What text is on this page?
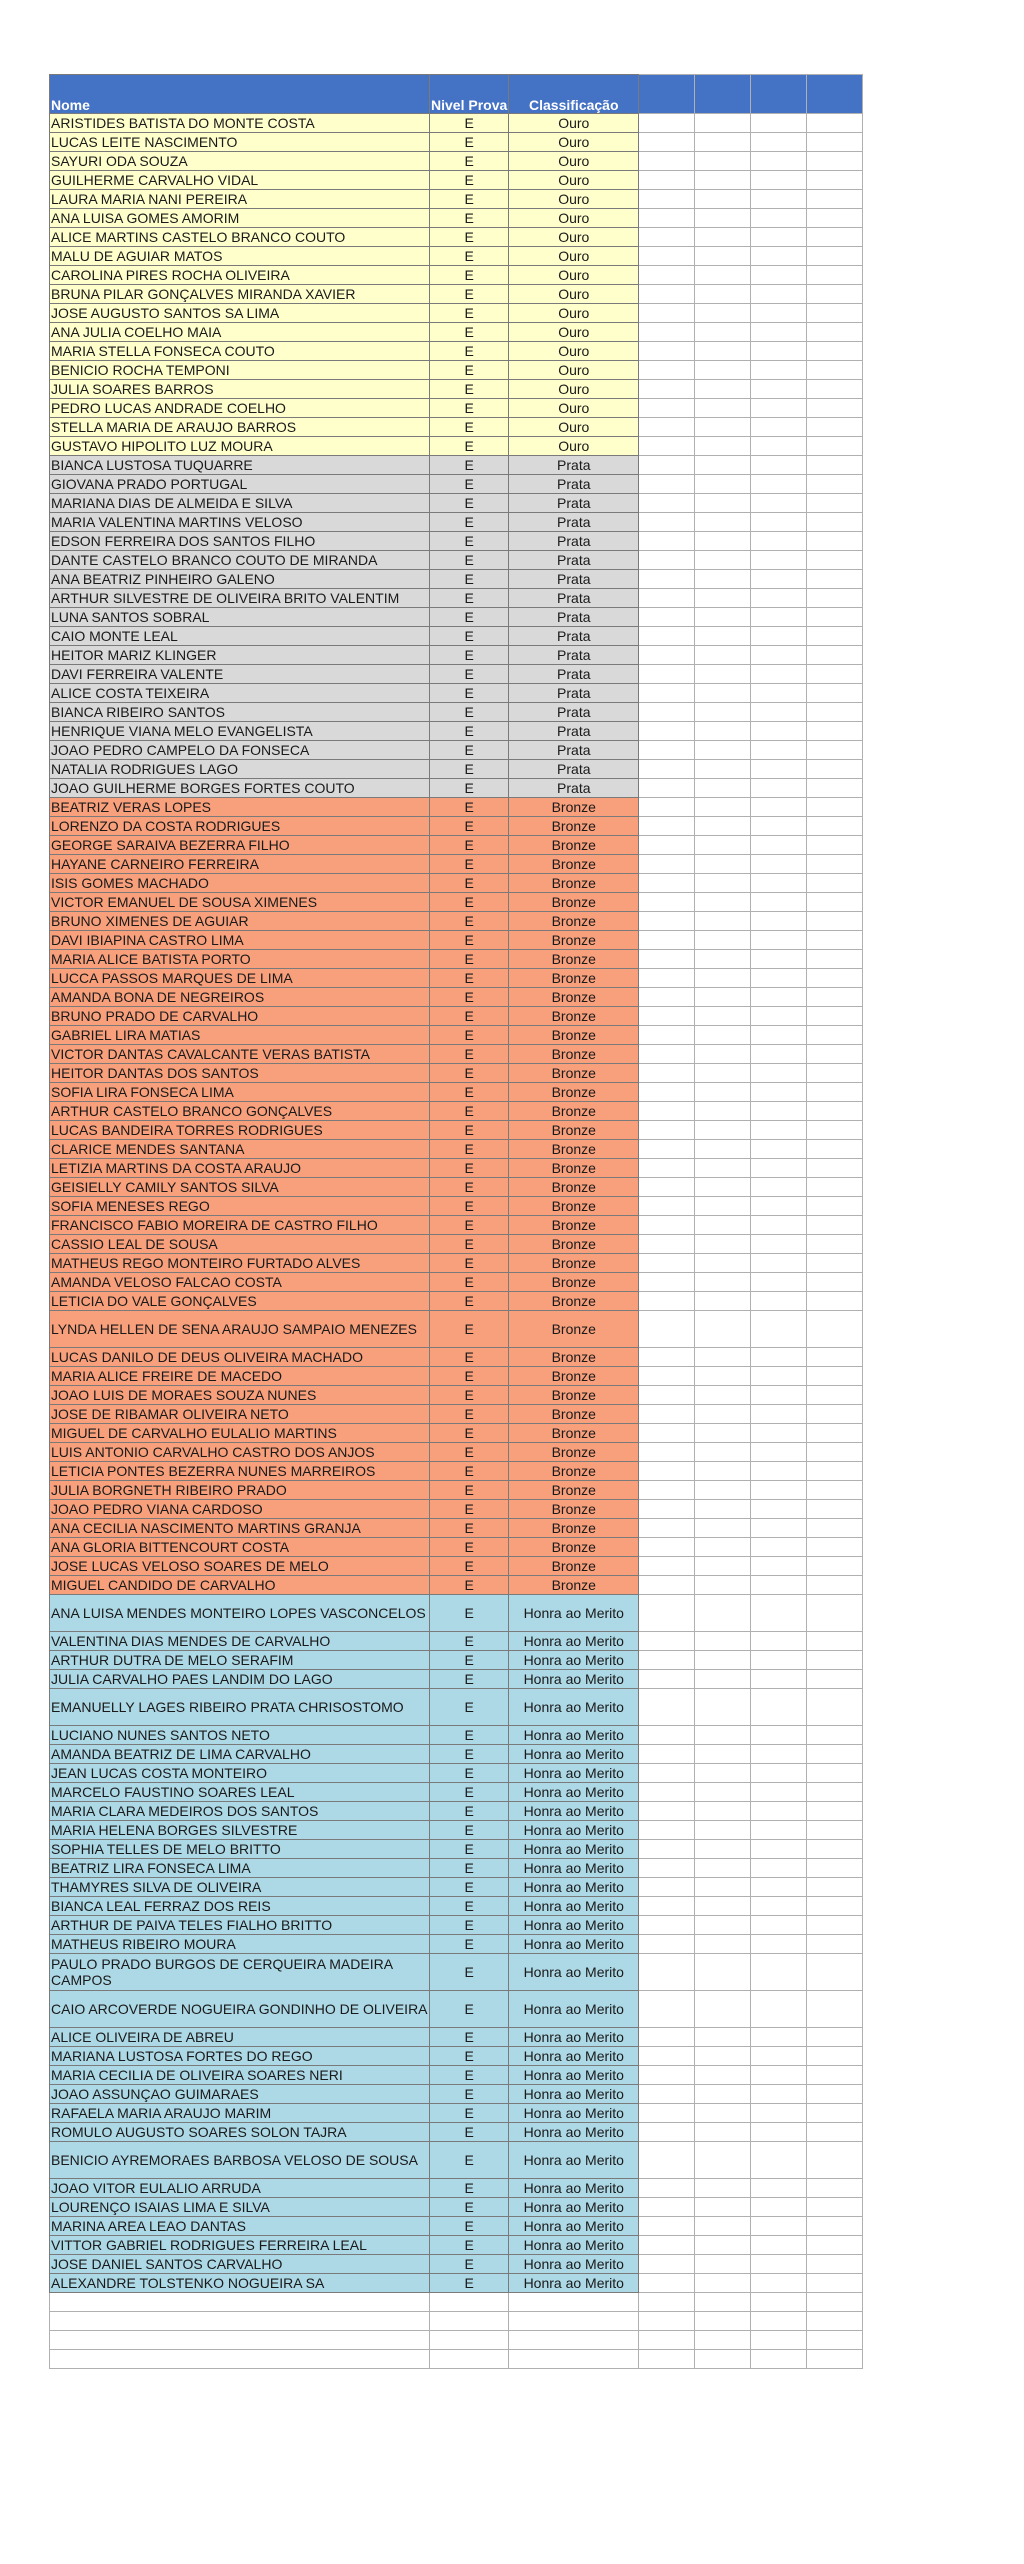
Nome	Nivel Prova	Classificação				
ARISTIDES BATISTA DO MONTE COSTA	E	Ouro				
LUCAS LEITE NASCIMENTO	E	Ouro				
SAYURI ODA SOUZA	E	Ouro				
GUILHERME CARVALHO VIDAL	E	Ouro				
LAURA MARIA NANI PEREIRA	E	Ouro				
ANA LUISA GOMES AMORIM	E	Ouro				
ALICE MARTINS CASTELO BRANCO COUTO	E	Ouro				
MALU DE AGUIAR MATOS	E	Ouro				
CAROLINA PIRES ROCHA OLIVEIRA	E	Ouro				
BRUNA PILAR GONÇALVES MIRANDA XAVIER	E	Ouro				
JOSE AUGUSTO SANTOS SA LIMA	E	Ouro				
ANA JULIA COELHO MAIA	E	Ouro				
MARIA STELLA FONSECA COUTO	E	Ouro				
BENICIO ROCHA TEMPONI	E	Ouro				
JULIA SOARES BARROS	E	Ouro				
PEDRO LUCAS ANDRADE COELHO	E	Ouro				
STELLA MARIA DE ARAUJO BARROS	E	Ouro				
GUSTAVO HIPOLITO LUZ MOURA	E	Ouro				
BIANCA LUSTOSA TUQUARRE	E	Prata				
GIOVANA PRADO PORTUGAL	E	Prata				
MARIANA DIAS DE ALMEIDA E SILVA	E	Prata				
MARIA VALENTINA MARTINS VELOSO	E	Prata				
EDSON FERREIRA DOS SANTOS FILHO	E	Prata				
DANTE CASTELO BRANCO COUTO DE MIRANDA	E	Prata				
ANA BEATRIZ PINHEIRO GALENO	E	Prata				
ARTHUR SILVESTRE DE OLIVEIRA BRITO VALENTIM	E	Prata				
LUNA SANTOS SOBRAL	E	Prata				
CAIO MONTE LEAL	E	Prata				
HEITOR MARIZ KLINGER	E	Prata				
DAVI FERREIRA VALENTE	E	Prata				
ALICE COSTA TEIXEIRA	E	Prata				
BIANCA RIBEIRO SANTOS	E	Prata				
HENRIQUE VIANA MELO EVANGELISTA	E	Prata				
JOAO PEDRO CAMPELO DA FONSECA	E	Prata				
NATALIA RODRIGUES LAGO	E	Prata				
JOAO GUILHERME BORGES FORTES COUTO	E	Prata				
BEATRIZ VERAS LOPES	E	Bronze				
LORENZO DA COSTA RODRIGUES	E	Bronze				
GEORGE SARAIVA BEZERRA FILHO	E	Bronze				
HAYANE CARNEIRO FERREIRA	E	Bronze				
ISIS GOMES MACHADO	E	Bronze				
VICTOR EMANUEL DE SOUSA XIMENES	E	Bronze				
BRUNO XIMENES DE AGUIAR	E	Bronze				
DAVI IBIAPINA CASTRO LIMA	E	Bronze				
MARIA ALICE BATISTA PORTO	E	Bronze				
LUCCA PASSOS MARQUES DE LIMA	E	Bronze				
AMANDA BONA DE NEGREIROS	E	Bronze				
BRUNO PRADO DE CARVALHO	E	Bronze				
GABRIEL LIRA MATIAS	E	Bronze				
VICTOR DANTAS CAVALCANTE VERAS BATISTA	E	Bronze				
HEITOR DANTAS DOS SANTOS	E	Bronze				
SOFIA LIRA FONSECA LIMA	E	Bronze				
ARTHUR CASTELO BRANCO GONÇALVES	E	Bronze				
LUCAS BANDEIRA TORRES RODRIGUES	E	Bronze				
CLARICE MENDES SANTANA	E	Bronze				
LETIZIA MARTINS DA COSTA ARAUJO	E	Bronze				
GEISIELLY CAMILY SANTOS SILVA	E	Bronze				
SOFIA MENESES REGO	E	Bronze				
FRANCISCO FABIO MOREIRA DE CASTRO FILHO	E	Bronze				
CASSIO LEAL DE SOUSA	E	Bronze				
MATHEUS REGO MONTEIRO FURTADO ALVES	E	Bronze				
AMANDA VELOSO FALCAO COSTA	E	Bronze				
LETICIA DO VALE GONÇALVES	E	Bronze				
LYNDA HELLEN DE SENA ARAUJO SAMPAIO MENEZES	E	Bronze				
LUCAS DANILO DE DEUS OLIVEIRA MACHADO	E	Bronze				
MARIA ALICE FREIRE DE MACEDO	E	Bronze				
JOAO LUIS DE MORAES SOUZA NUNES	E	Bronze				
JOSE DE RIBAMAR OLIVEIRA NETO	E	Bronze				
MIGUEL DE CARVALHO EULALIO MARTINS	E	Bronze				
LUIS ANTONIO CARVALHO CASTRO DOS ANJOS	E	Bronze				
LETICIA PONTES BEZERRA NUNES MARREIROS	E	Bronze				
JULIA BORGNETH RIBEIRO PRADO	E	Bronze				
JOAO PEDRO VIANA CARDOSO	E	Bronze				
ANA CECILIA NASCIMENTO MARTINS GRANJA	E	Bronze				
ANA GLORIA BITTENCOURT COSTA	E	Bronze				
JOSE LUCAS VELOSO SOARES DE MELO	E	Bronze				
MIGUEL CANDIDO DE CARVALHO	E	Bronze				
ANA LUISA MENDES MONTEIRO LOPES VASCONCELOS	E	Honra ao Merito				
VALENTINA DIAS MENDES DE CARVALHO	E	Honra ao Merito				
ARTHUR DUTRA DE MELO SERAFIM	E	Honra ao Merito				
JULIA CARVALHO PAES LANDIM DO LAGO	E	Honra ao Merito				
EMANUELLY LAGES RIBEIRO PRATA CHRISOSTOMO	E	Honra ao Merito				
LUCIANO NUNES SANTOS NETO	E	Honra ao Merito				
AMANDA BEATRIZ DE LIMA CARVALHO	E	Honra ao Merito				
JEAN LUCAS COSTA MONTEIRO	E	Honra ao Merito				
MARCELO FAUSTINO SOARES LEAL	E	Honra ao Merito				
MARIA CLARA MEDEIROS DOS SANTOS	E	Honra ao Merito				
MARIA HELENA BORGES SILVESTRE	E	Honra ao Merito				
SOPHIA TELLES DE MELO BRITTO	E	Honra ao Merito				
BEATRIZ LIRA FONSECA LIMA	E	Honra ao Merito				
THAMYRES SILVA DE OLIVEIRA	E	Honra ao Merito				
BIANCA LEAL FERRAZ DOS REIS	E	Honra ao Merito				
ARTHUR DE PAIVA TELES FIALHO BRITTO	E	Honra ao Merito				
MATHEUS RIBEIRO MOURA	E	Honra ao Merito				
PAULO PRADO BURGOS DE CERQUEIRA MADEIRA CAMPOS	E	Honra ao Merito				
CAIO ARCOVERDE NOGUEIRA GONDINHO DE OLIVEIRA	E	Honra ao Merito				
ALICE OLIVEIRA DE ABREU	E	Honra ao Merito				
MARIANA LUSTOSA FORTES DO REGO	E	Honra ao Merito				
MARIA CECILIA DE OLIVEIRA SOARES NERI	E	Honra ao Merito				
JOAO ASSUNÇAO GUIMARAES	E	Honra ao Merito				
RAFAELA MARIA ARAUJO MARIM	E	Honra ao Merito				
ROMULO AUGUSTO SOARES SOLON TAJRA	E	Honra ao Merito				
BENICIO AYREMORAES BARBOSA VELOSO DE SOUSA	E	Honra ao Merito				
JOAO VITOR EULALIO ARRUDA	E	Honra ao Merito				
LOURENÇO ISAIAS LIMA E SILVA	E	Honra ao Merito				
MARINA AREA LEAO DANTAS	E	Honra ao Merito				
VITTOR GABRIEL RODRIGUES FERREIRA LEAL	E	Honra ao Merito				
JOSE DANIEL SANTOS CARVALHO	E	Honra ao Merito				
ALEXANDRE TOLSTENKO NOGUEIRA SA	E	Honra ao Merito				
